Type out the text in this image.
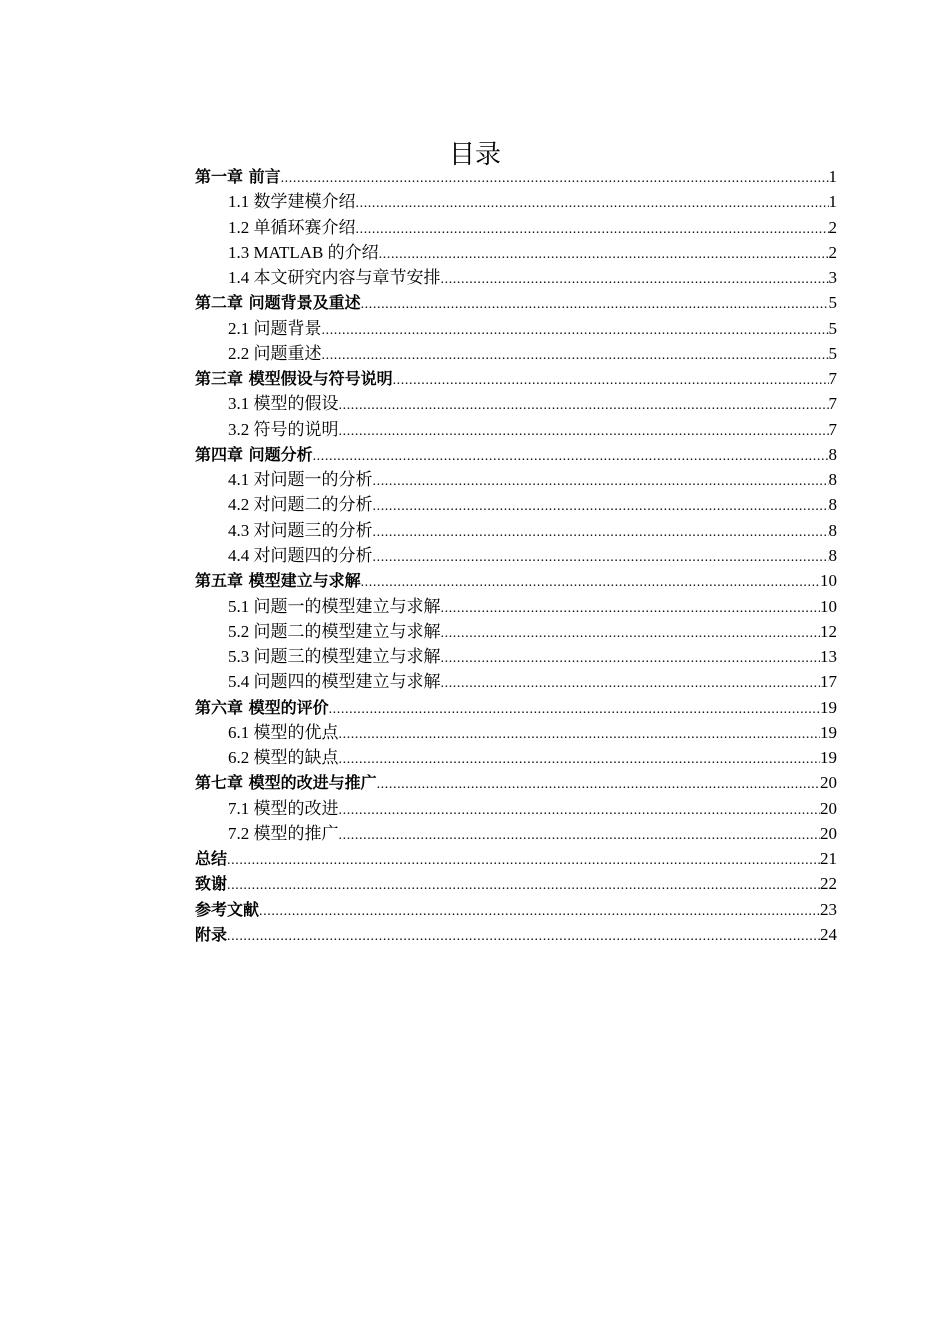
目录
第一章 前言 .....	1
1.1 数学建模介绍 .....	1
1.2 单循环赛介绍 .....	2
1.3 MATLAB 的介绍 .....	2
1.4 本文研究内容与章节安排 .....	3
第二章 问题背景及重述 .....	5
2.1 问题背景 .....	5
2.2 问题重述 .....	5
第三章 模型假设与符号说明 .....	7
3.1 模型的假设 .....	7
3.2 符号的说明 .....	7
第四章 问题分析 .....	8
4.1 对问题一的分析 .....	8
4.2 对问题二的分析 .....	8
4.3 对问题三的分析 .....	8
4.4 对问题四的分析 .....	8
第五章 模型建立与求解 .....	10
5.1 问题一的模型建立与求解 .....	10
5.2 问题二的模型建立与求解 .....	12
5.3 问题三的模型建立与求解 .....	13
5.4 问题四的模型建立与求解 .....	17
第六章 模型的评价 .....	19
6.1 模型的优点 .....	19
6.2 模型的缺点 .....	19
第七章 模型的改进与推广 .....	20
7.1 模型的改进 .....	20
7.2 模型的推广 .....	20
总结 .....	21
致谢 .....	22
参考文献 .....	23
附录 .....	24
